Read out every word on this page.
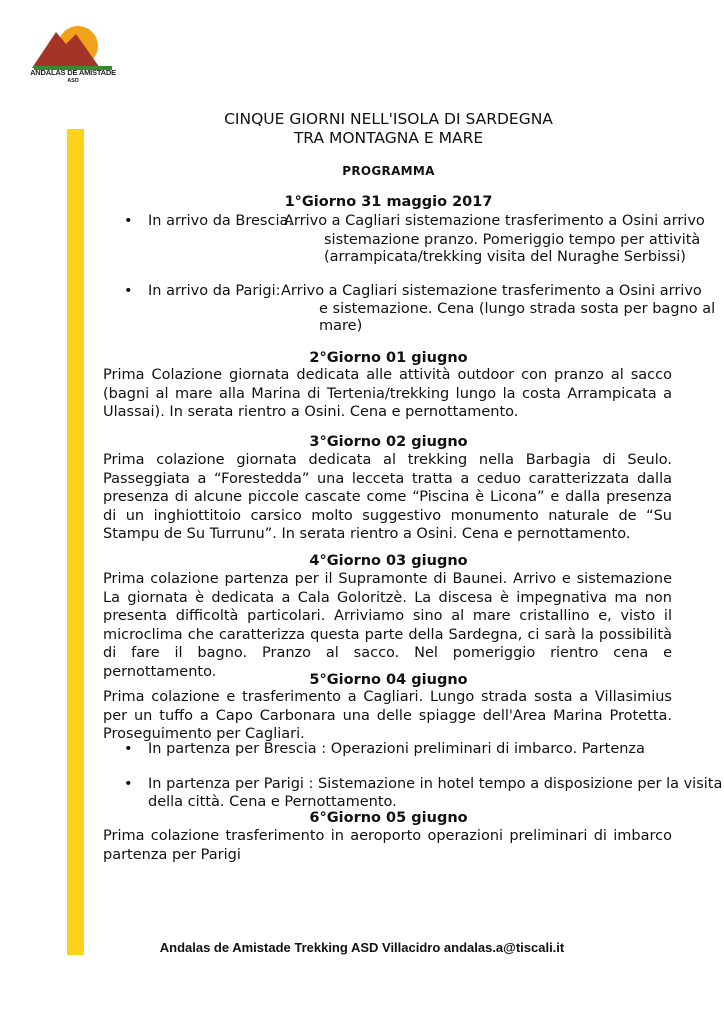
ANDALAS DE AMISTADE
ASD
CINQUE GIORNI NELL'ISOLA DI SARDEGNA
TRA MONTAGNA E MARE
PROGRAMMA
1°Giorno 31 maggio 2017
• In arrivo da Brescia:
Arrivo a Cagliari sistemazione trasferimento a Osini arrivo
sistemazione pranzo. Pomeriggio tempo per attività
(arrampicata/trekking visita del Nuraghe Serbissi)
• In arrivo da Parigi: Arrivo a Cagliari sistemazione trasferimento a Osini arrivo
e sistemazione. Cena (lungo strada sosta per bagno al
mare)
2°Giorno 01 giugno
Prima Colazione giornata dedicata alle attività outdoor con pranzo al sacco (bagni al mare alla Marina di Tertenia/trekking lungo la costa Arrampicata a Ulassai). In serata rientro a Osini. Cena e pernottamento.
3°Giorno 02 giugno
Prima colazione giornata dedicata al trekking nella Barbagia di Seulo. Passeggiata a “Forestedda” una lecceta tratta a ceduo caratterizzata dalla presenza di alcune piccole cascate come “Piscina è Licona” e dalla presenza di un inghiottitoio carsico molto suggestivo monumento naturale de “Su Stampu de Su Turrunu”. In serata rientro a Osini. Cena e pernottamento.
4°Giorno 03 giugno
Prima colazione partenza per il Supramonte di Baunei. Arrivo e sistemazione La giornata è dedicata a Cala Goloritzè. La discesa è impegnativa ma non presenta difficoltà particolari. Arriviamo sino al mare cristallino e, visto il microclima che caratterizza questa parte della Sardegna, ci sarà la possibilità di fare il bagno. Pranzo al sacco. Nel pomeriggio rientro cena e pernottamento.
5°Giorno 04 giugno
Prima colazione e trasferimento a Cagliari. Lungo strada sosta a Villasimius per un tuffo a Capo Carbonara una delle spiagge dell'Area Marina Protetta. Proseguimento per Cagliari.
• In partenza per Brescia : Operazioni preliminari di imbarco. Partenza
• In partenza per Parigi : Sistemazione in hotel tempo a disposizione per la visita
della città. Cena e Pernottamento.
6°Giorno 05 giugno
Prima colazione trasferimento in aeroporto operazioni preliminari di imbarco partenza per Parigi
Andalas de Amistade Trekking ASD Villacidro andalas.a@tiscali.it
